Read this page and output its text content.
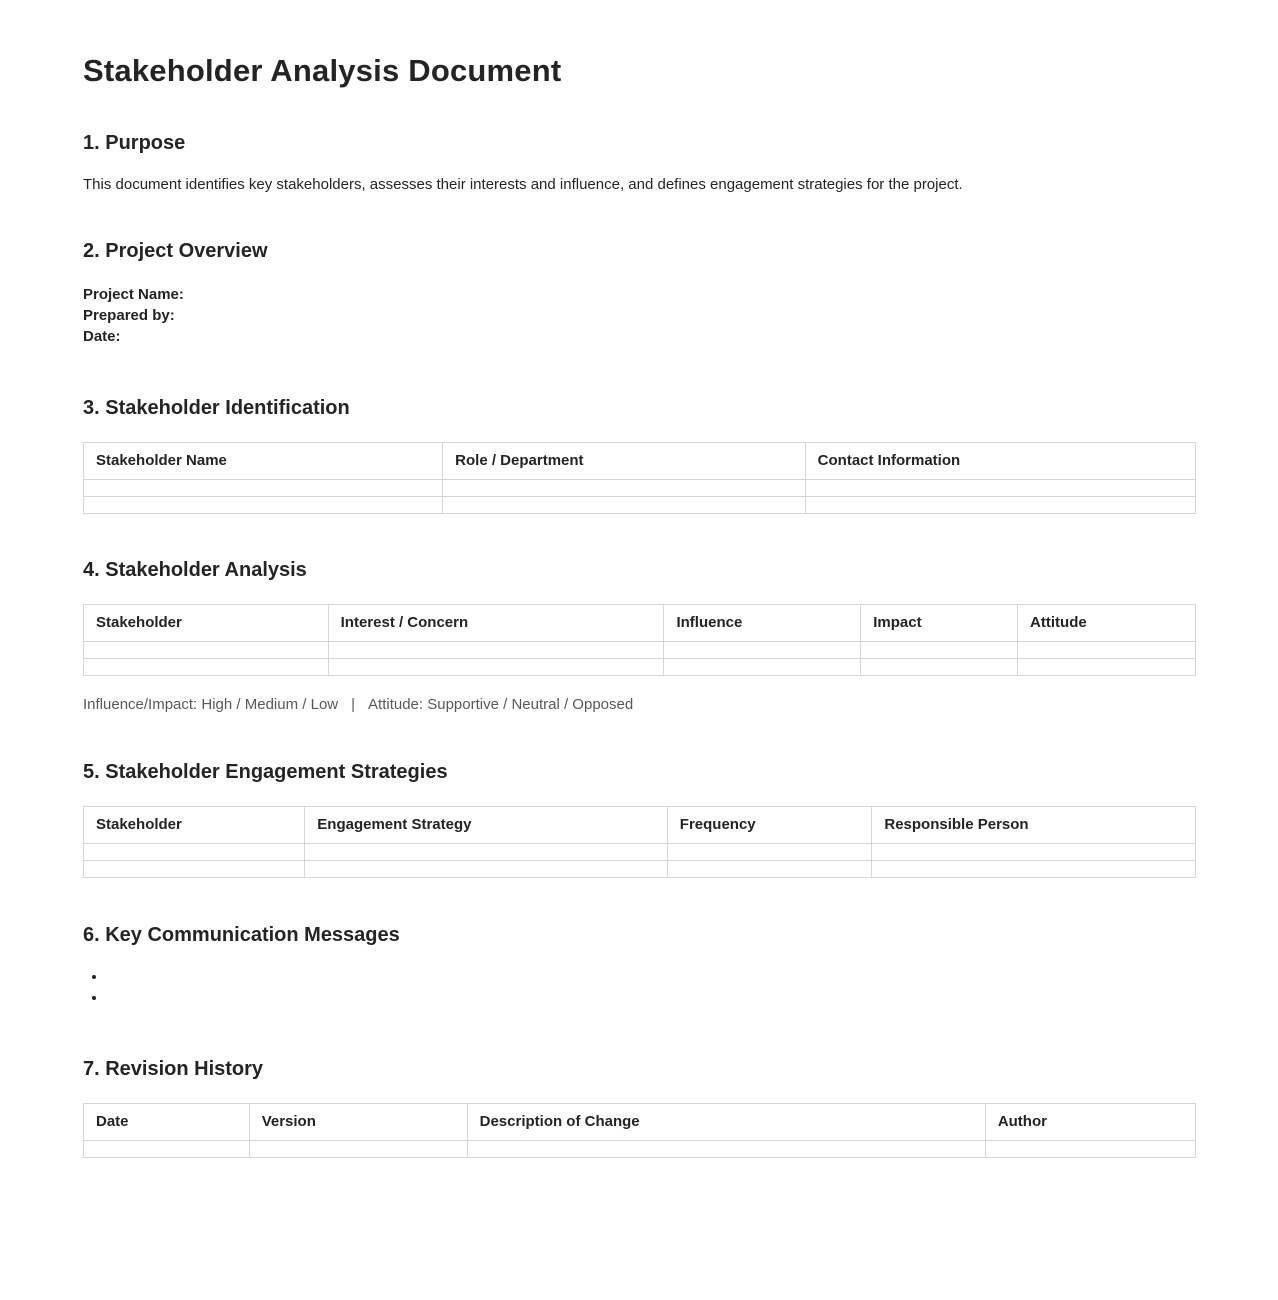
Stakeholder Analysis Document
1. Purpose

This document identifies key stakeholders, assesses their interests and influence, and defines engagement strategies for the project.

2. Project Overview
Project Name:
Prepared by:
Date:
3. Stakeholder Identification
Stakeholder Name	Role / Department	Contact Information

4. Stakeholder Analysis
Stakeholder	Interest / Concern	Influence	Impact	Attitude

Influence/Impact: High / Medium / Low | Attitude: Supportive / Neutral / Opposed
5. Stakeholder Engagement Strategies
Stakeholder	Engagement Strategy	Frequency	Responsible Person

6. Key Communication Messages
•
•
7. Revision History
Date	Version	Description of Change	Author
